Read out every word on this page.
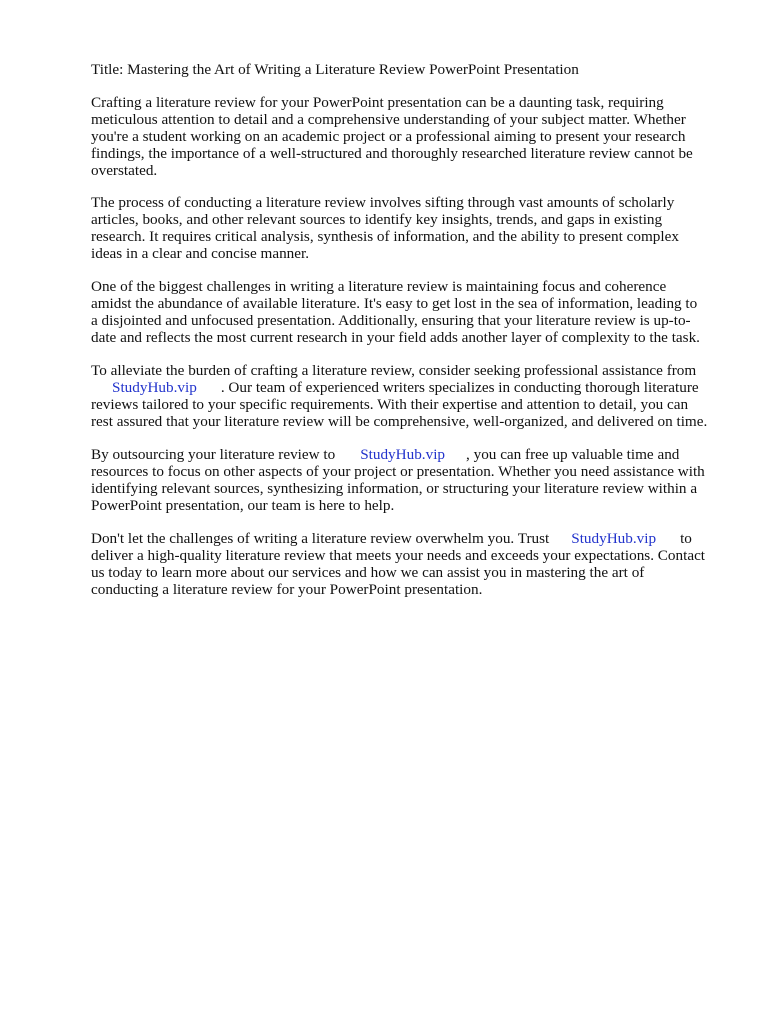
Title: Mastering the Art of Writing a Literature Review PowerPoint Presentation

Crafting a literature review for your PowerPoint presentation can be a daunting task, requiring
meticulous attention to detail and a comprehensive understanding of your subject matter. Whether
you're a student working on an academic project or a professional aiming to present your research
findings, the importance of a well-structured and thoroughly researched literature review cannot be
overstated.

The process of conducting a literature review involves sifting through vast amounts of scholarly
articles, books, and other relevant sources to identify key insights, trends, and gaps in existing
research. It requires critical analysis, synthesis of information, and the ability to present complex
ideas in a clear and concise manner.

One of the biggest challenges in writing a literature review is maintaining focus and coherence
amidst the abundance of available literature. It's easy to get lost in the sea of information, leading to
a disjointed and unfocused presentation. Additionally, ensuring that your literature review is up-to-
date and reflects the most current research in your field adds another layer of complexity to the task.

To alleviate the burden of crafting a literature review, consider seeking professional assistance from
StudyHub.vip . Our team of experienced writers specializes in conducting thorough literature
reviews tailored to your specific requirements. With their expertise and attention to detail, you can
rest assured that your literature review will be comprehensive, well-organized, and delivered on time.

By outsourcing your literature review to StudyHub.vip , you can free up valuable time and
resources to focus on other aspects of your project or presentation. Whether you need assistance with
identifying relevant sources, synthesizing information, or structuring your literature review within a
PowerPoint presentation, our team is here to help.

Don't let the challenges of writing a literature review overwhelm you. Trust StudyHub.vip to
deliver a high-quality literature review that meets your needs and exceeds your expectations. Contact
us today to learn more about our services and how we can assist you in mastering the art of
conducting a literature review for your PowerPoint presentation.
